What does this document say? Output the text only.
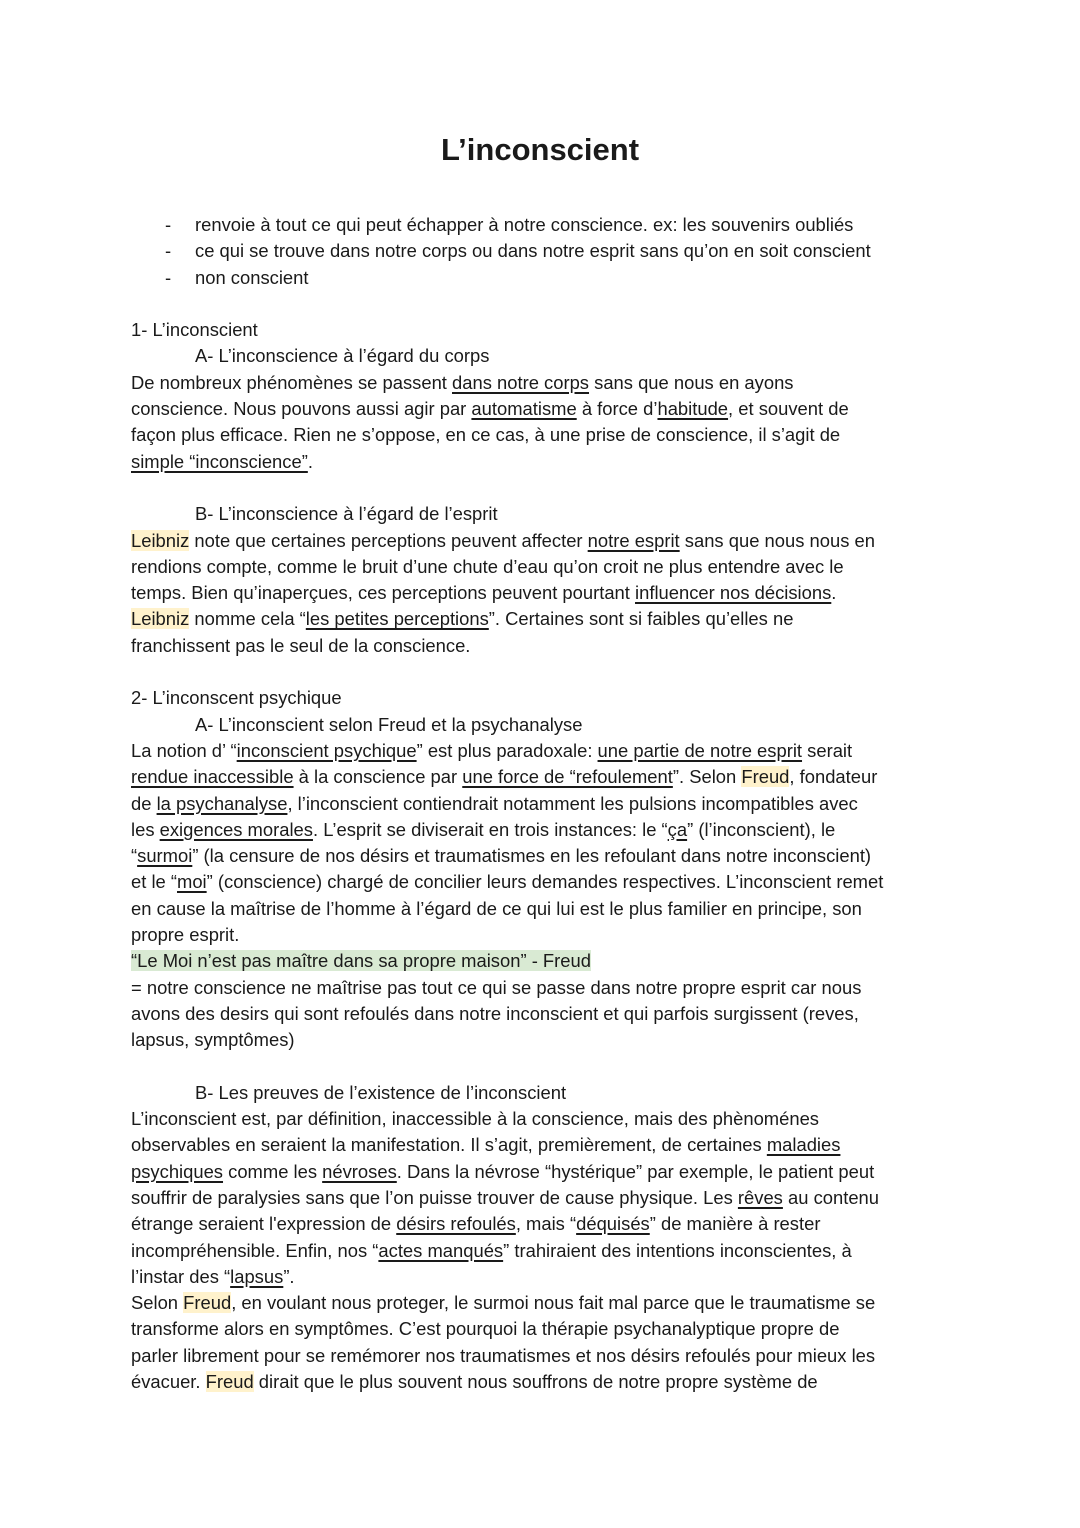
L’inconscient
- renvoie à tout ce qui peut échapper à notre conscience. ex: les souvenirs oubliés
- ce qui se trouve dans notre corps ou dans notre esprit sans qu’on en soit conscient
- non conscient
1- L’inconscient
A- L’inconscience à l’égard du corps
De nombreux phénomènes se passent dans notre corps sans que nous en ayons
conscience. Nous pouvons aussi agir par automatisme à force d’habitude, et souvent de
façon plus efficace. Rien ne s’oppose, en ce cas, à une prise de conscience, il s’agit de
simple “inconscience”.
B- L’inconscience à l’égard de l’esprit
Leibniz note que certaines perceptions peuvent affecter notre esprit sans que nous nous en
rendions compte, comme le bruit d’une chute d’eau qu’on croit ne plus entendre avec le
temps. Bien qu’inaperçues, ces perceptions peuvent pourtant influencer nos décisions.
Leibniz nomme cela “les petites perceptions”. Certaines sont si faibles qu’elles ne
franchissent pas le seul de la conscience.
2- L’inconscent psychique
A- L’inconscient selon Freud et la psychanalyse
La notion d’ “inconscient psychique” est plus paradoxale: une partie de notre esprit serait
rendue inaccessible à la conscience par une force de “refoulement”. Selon Freud, fondateur
de la psychanalyse, l’inconscient contiendrait notamment les pulsions incompatibles avec
les exigences morales. L’esprit se diviserait en trois instances: le “ça” (l’inconscient), le
“surmoi” (la censure de nos désirs et traumatismes en les refoulant dans notre inconscient)
et le “moi” (conscience) chargé de concilier leurs demandes respectives. L’inconscient remet
en cause la maîtrise de l’homme à l’égard de ce qui lui est le plus familier en principe, son
propre esprit.
“Le Moi n’est pas maître dans sa propre maison” - Freud
= notre conscience ne maîtrise pas tout ce qui se passe dans notre propre esprit car nous
avons des desirs qui sont refoulés dans notre inconscient et qui parfois surgissent (reves,
lapsus, symptômes)
B- Les preuves de l’existence de l’inconscient
L’inconscient est, par définition, inaccessible à la conscience, mais des phènoménes
observables en seraient la manifestation. Il s’agit, premièrement, de certaines maladies
psychiques comme les névroses. Dans la névrose “hystérique” par exemple, le patient peut
souffrir de paralysies sans que l’on puisse trouver de cause physique. Les rêves au contenu
étrange seraient l'expression de désirs refoulés, mais “déquisés” de manière à rester
incompréhensible. Enfin, nos “actes manqués” trahiraient des intentions inconscientes, à
l’instar des “lapsus”.
Selon Freud, en voulant nous proteger, le surmoi nous fait mal parce que le traumatisme se
transforme alors en symptômes. C’est pourquoi la thérapie psychanalyptique propre de
parler librement pour se remémorer nos traumatismes et nos désirs refoulés pour mieux les
évacuer. Freud dirait que le plus souvent nous souffrons de notre propre système de
